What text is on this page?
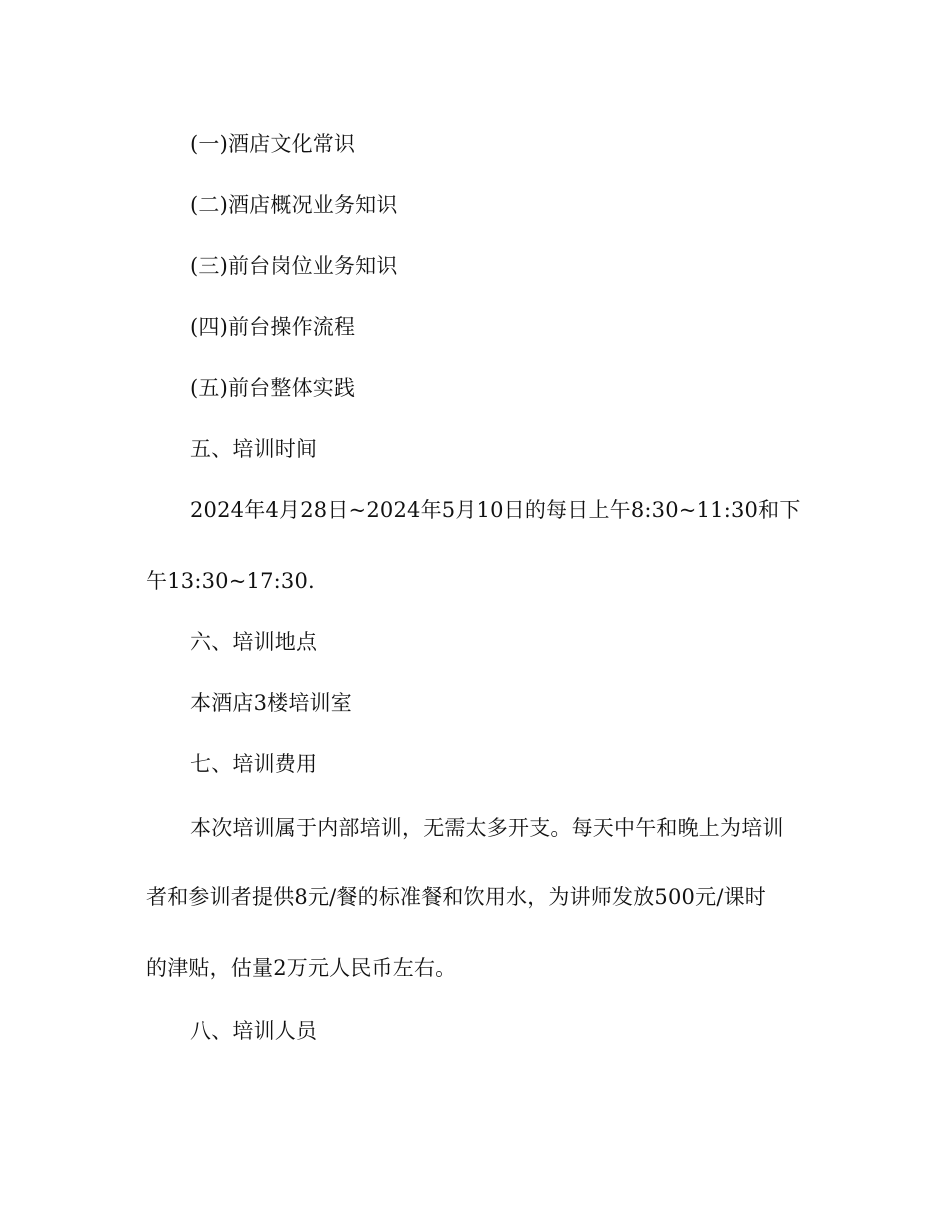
(一)酒店文化常识
(二)酒店概况业务知识
(三)前台岗位业务知识
(四)前台操作流程
(五)前台整体实践
五、培训时间
2024年4月28日~2024年5月10日的每日上午8:30~11:30和下
午13:30~17:30.
六、培训地点
本酒店3楼培训室
七、培训费用
本次培训属于内部培训，无需太多开支。每天中午和晚上为培训
者和参训者提供8元/餐的标准餐和饮用水，为讲师发放500元/课时
的津贴，估量2万元人民币左右。
八、培训人员
